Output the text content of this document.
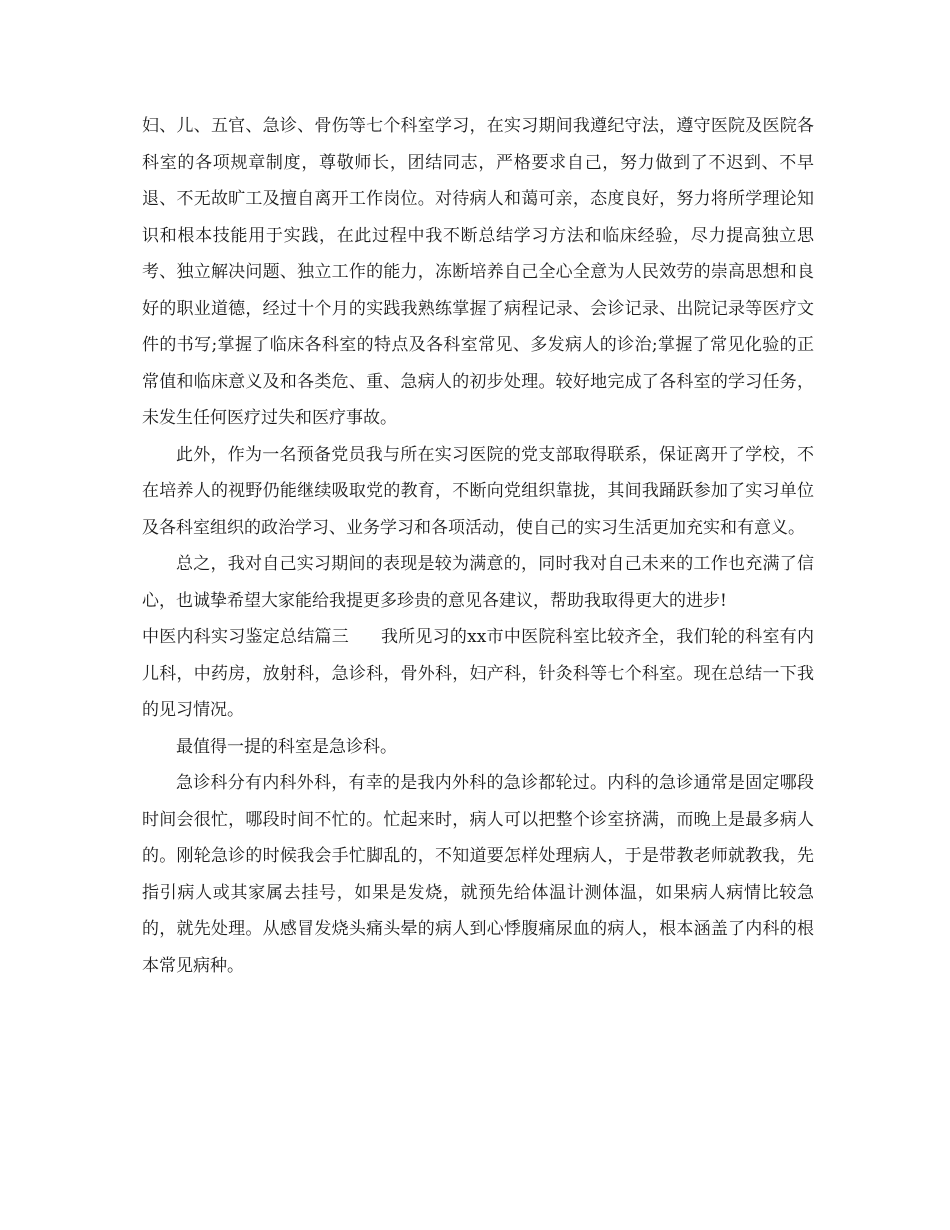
妇、儿、五官、急诊、骨伤等七个科室学习，在实习期间我遵纪守法，遵守医院及医院各科室的各项规章制度，尊敬师长，团结同志，严格要求自己，努力做到了不迟到、不早退、不无故旷工及擅自离开工作岗位。对待病人和蔼可亲，态度良好，努力将所学理论知识和根本技能用于实践，在此过程中我不断总结学习方法和临床经验，尽力提高独立思考、独立解决问题、独立工作的能力，冻断培养自己全心全意为人民效劳的崇高思想和良好的职业道德，经过十个月的实践我熟练掌握了病程记录、会诊记录、出院记录等医疗文件的书写;掌握了临床各科室的特点及各科室常见、多发病人的诊治;掌握了常见化验的正常值和临床意义及和各类危、重、急病人的初步处理。较好地完成了各科室的学习任务，未发生任何医疗过失和医疗事故。

此外，作为一名预备党员我与所在实习医院的党支部取得联系，保证离开了学校，不在培养人的视野仍能继续吸取党的教育，不断向党组织靠拢，其间我踊跃参加了实习单位及各科室组织的政治学习、业务学习和各项活动，使自己的实习生活更加充实和有意义。

总之，我对自己实习期间的表现是较为满意的，同时我对自己未来的工作也充满了信心，也诚挚希望大家能给我提更多珍贵的意见各建议，帮助我取得更大的进步!

中医内科实习鉴定总结篇三 我所见习的xx市中医院科室比较齐全，我们轮的科室有内儿科，中药房，放射科，急诊科，骨外科，妇产科，针灸科等七个科室。现在总结一下我的见习情况。

最值得一提的科室是急诊科。

急诊科分有内科外科，有幸的是我内外科的急诊都轮过。内科的急诊通常是固定哪段时间会很忙，哪段时间不忙的。忙起来时，病人可以把整个诊室挤满，而晚上是最多病人的。刚轮急诊的时候我会手忙脚乱的，不知道要怎样处理病人，于是带教老师就教我，先指引病人或其家属去挂号，如果是发烧，就预先给体温计测体温，如果病人病情比较急的，就先处理。从感冒发烧头痛头晕的病人到心悸腹痛尿血的病人，根本涵盖了内科的根本常见病种。
